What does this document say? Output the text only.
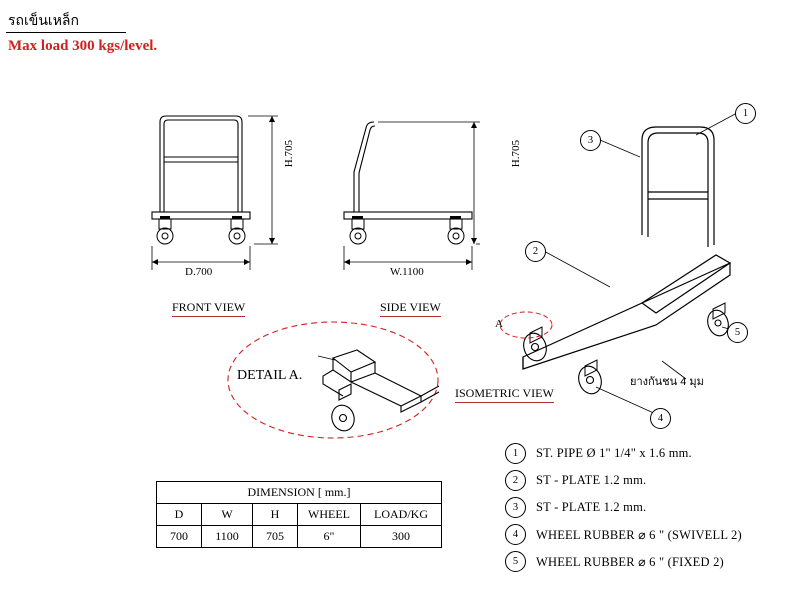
รถเข็นเหล็ก
Max load 300 kgs/level.
H.705
D.700
FRONT VIEW
H.705
W.1100
SIDE VIEW
1
3
2
5
4
A
ยางกันชน 4 มุม
DETAIL A.
ISOMETRIC VIEW
1	ST. PIPE Ø 1" 1/4" x 1.6 mm.
2	ST - PLATE 1.2 mm.
3	ST - PLATE 1.2 mm.
4	WHEEL RUBBER ⌀ 6 " (SWIVELL 2)
5	WHEEL RUBBER ⌀ 6 " (FIXED 2)
DIMENSION [ mm.]				
D	W	H	WHEEL	LOAD/KG
700	1100	705	6"	300
